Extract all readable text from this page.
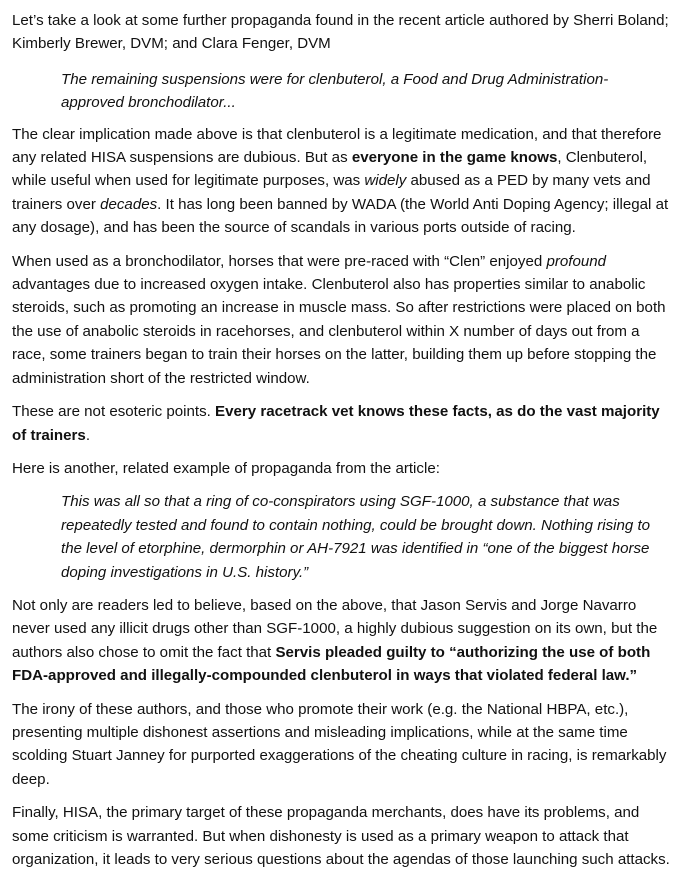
Let’s take a look at some further propaganda found in the recent article authored by Sherri Boland; Kimberly Brewer, DVM; and Clara Fenger, DVM

The remaining suspensions were for clenbuterol, a Food and Drug Administration-approved bronchodilator...

The clear implication made above is that clenbuterol is a legitimate medication, and that therefore any related HISA suspensions are dubious. But as everyone in the game knows, Clenbuterol, while useful when used for legitimate purposes, was widely abused as a PED by many vets and trainers over decades. It has long been banned by WADA (the World Anti Doping Agency; illegal at any dosage), and has been the source of scandals in various ports outside of racing.

When used as a bronchodilator, horses that were pre-raced with “Clen” enjoyed profound advantages due to increased oxygen intake. Clenbuterol also has properties similar to anabolic steroids, such as promoting an increase in muscle mass. So after restrictions were placed on both the use of anabolic steroids in racehorses, and clenbuterol within X number of days out from a race, some trainers began to train their horses on the latter, building them up before stopping the administration short of the restricted window.

These are not esoteric points. Every racetrack vet knows these facts, as do the vast majority of trainers.

Here is another, related example of propaganda from the article:

This was all so that a ring of co-conspirators using SGF-1000, a substance that was repeatedly tested and found to contain nothing, could be brought down. Nothing rising to the level of etorphine, dermorphin or AH-7921 was identified in “one of the biggest horse doping investigations in U.S. history.”

Not only are readers led to believe, based on the above, that Jason Servis and Jorge Navarro never used any illicit drugs other than SGF-1000, a highly dubious suggestion on its own, but the authors also chose to omit the fact that Servis pleaded guilty to “authorizing the use of both FDA-approved and illegally-compounded clenbuterol in ways that violated federal law.”

The irony of these authors, and those who promote their work (e.g. the National HBPA, etc.), presenting multiple dishonest assertions and misleading implications, while at the same time scolding Stuart Janney for purported exaggerations of the cheating culture in racing, is remarkably deep.

Finally, HISA, the primary target of these propaganda merchants, does have its problems, and some criticism is warranted. But when dishonesty is used as a primary weapon to attack that organization, it leads to very serious questions about the agendas of those launching such attacks.
